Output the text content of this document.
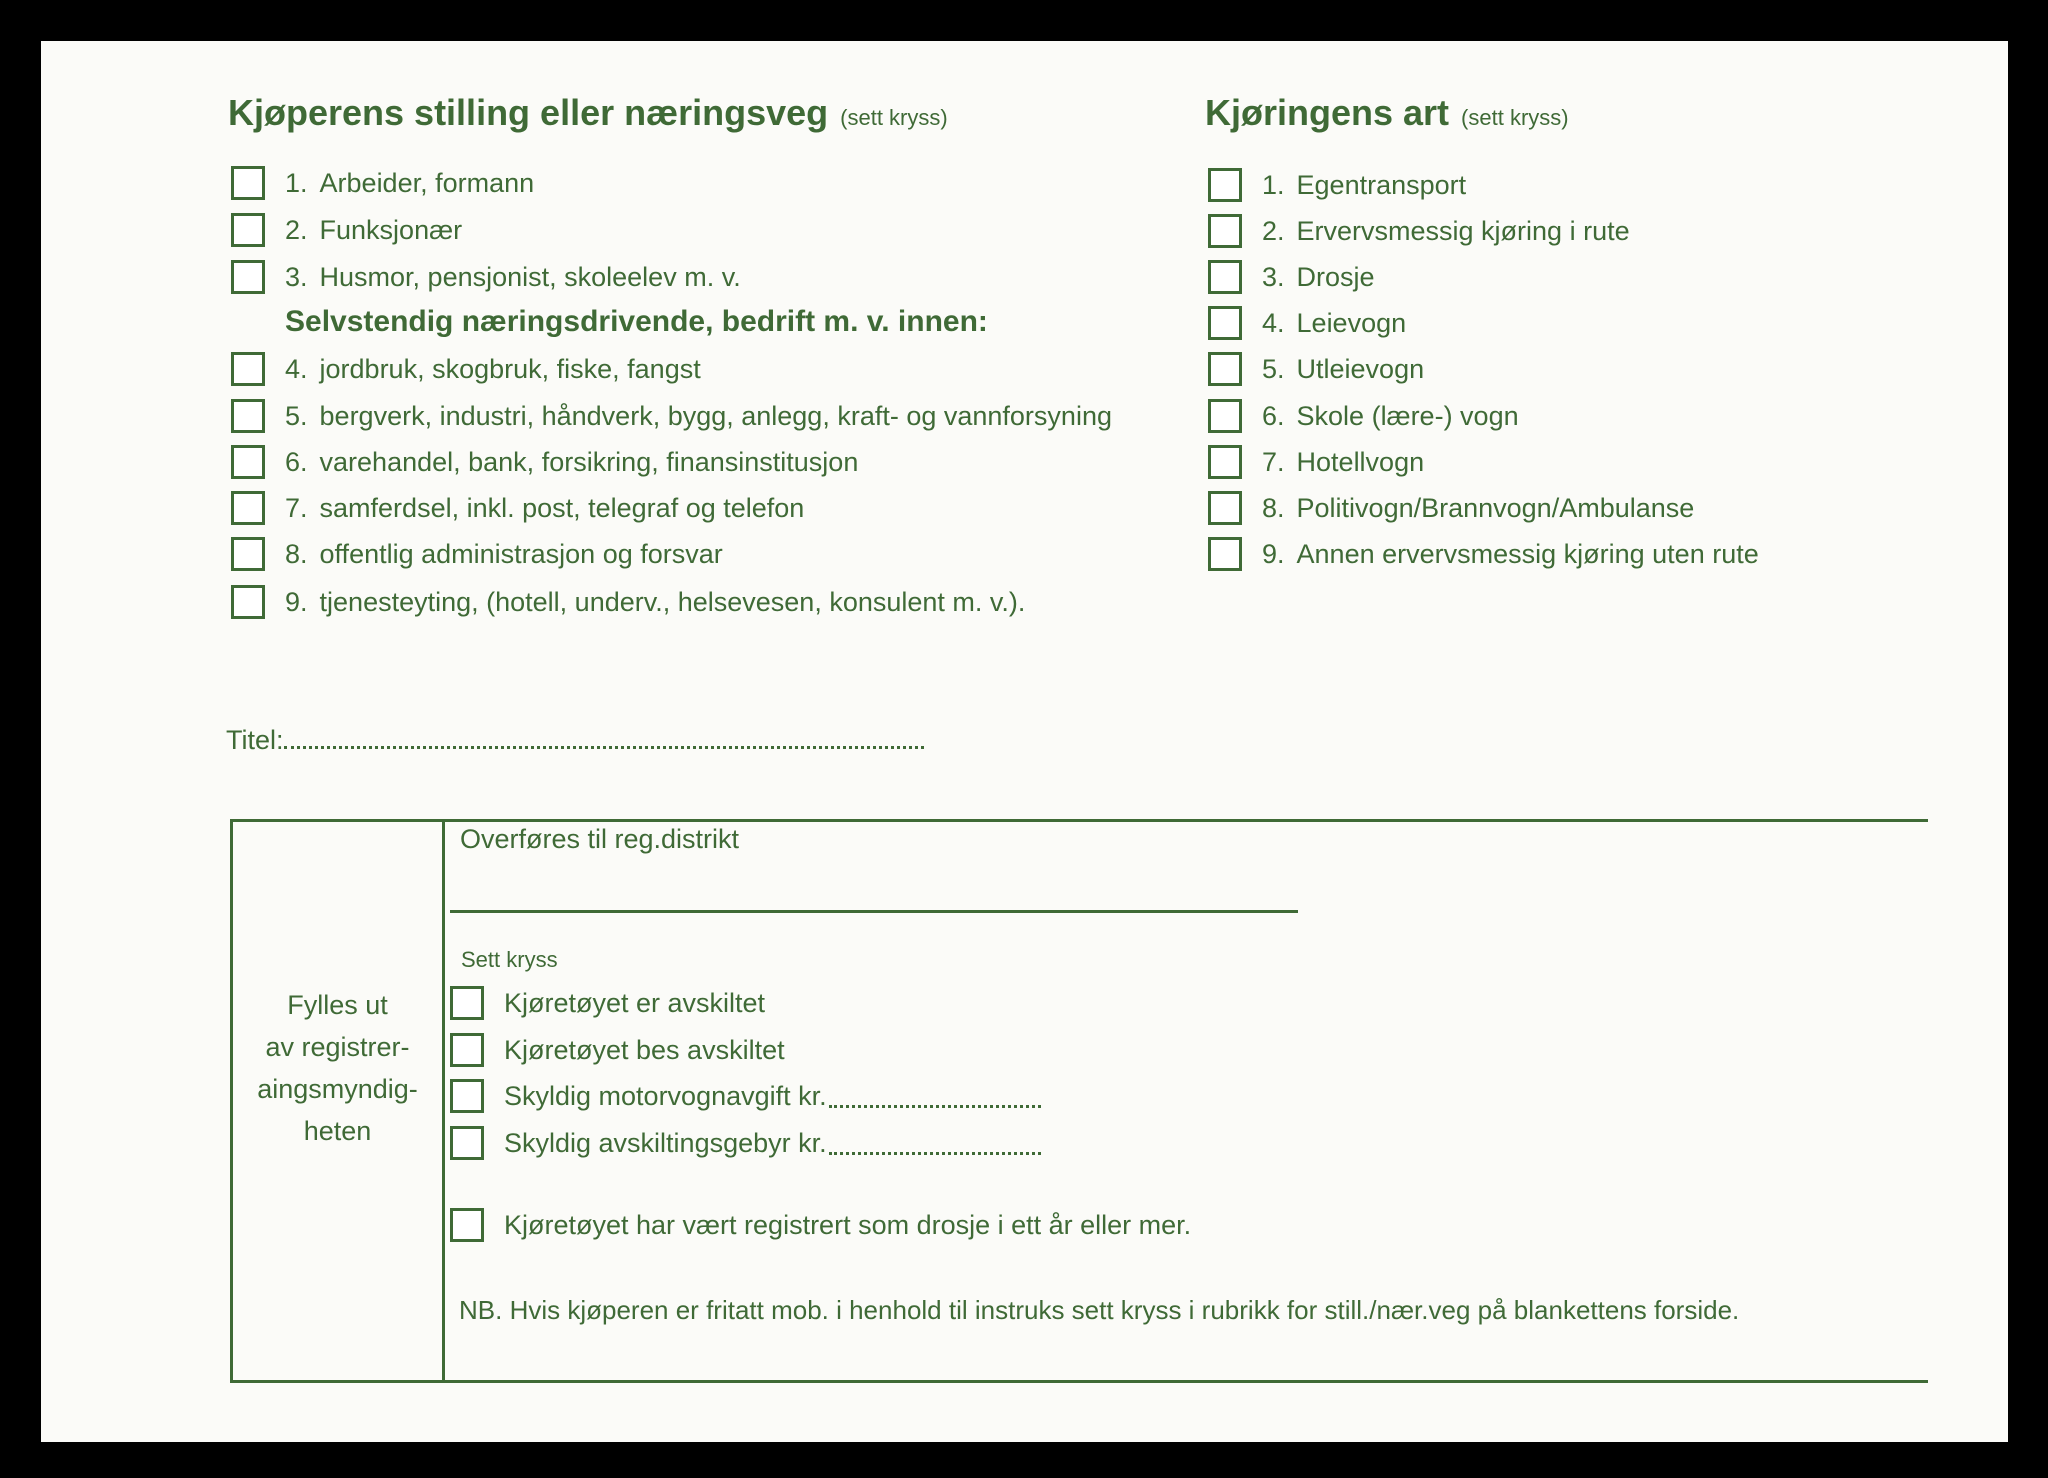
Kjøperens stilling eller næringsveg (sett kryss)
1. Arbeider, formann
2. Funksjonær
3. Husmor, pensjonist, skoleelev m. v.
Selvstendig næringsdrivende, bedrift m. v. innen:
4. jordbruk, skogbruk, fiske, fangst
5. bergverk, industri, håndverk, bygg, anlegg, kraft- og vannforsyning
6. varehandel, bank, forsikring, finansinstitusjon
7. samferdsel, inkl. post, telegraf og telefon
8. offentlig administrasjon og forsvar
9. tjenesteyting, (hotell, underv., helsevesen, konsulent m. v.).
Kjøringens art (sett kryss)
1. Egentransport
2. Ervervsmessig kjøring i rute
3. Drosje
4. Leievogn
5. Utleievogn
6. Skole (lære-) vogn
7. Hotellvogn
8. Politivogn/Brannvogn/Ambulanse
9. Annen ervervsmessig kjøring uten rute
Titel:
Fylles ut
av registrer-
aingsmyndig-
heten
Overføres til reg.distrikt
Sett kryss
Kjøretøyet er avskiltet
Kjøretøyet bes avskiltet
Skyldig motorvognavgift kr.
Skyldig avskiltingsgebyr kr.
Kjøretøyet har vært registrert som drosje i ett år eller mer.
NB. Hvis kjøperen er fritatt mob. i henhold til instruks sett kryss i rubrikk for still./nær.veg på blankettens forside.
